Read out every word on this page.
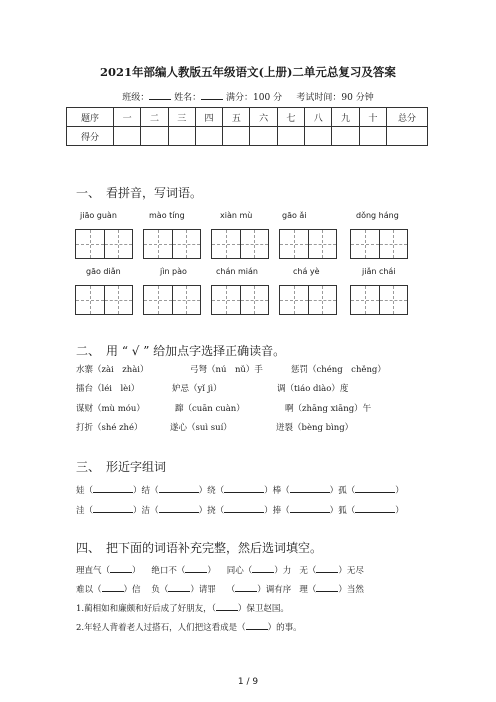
2021年部编人教版五年级语文(上册)二单元总复习及答案
班级：	姓名：	满分：100 分 考试时间：90 分钟
题序	一	二	三	四	五	六	七	八	九	十	总分
得分											
一、　看拼音，写词语。
jiāo guàn	mào tíng	xiàn mù	gāo ǎi	dǒng háng
gāo diǎn	jìn pào	chán mián	chá yè	jiǎn chái
二、　用 “ √ ” 给加点字选择正确读音。
水寨（zài　zhài）	弓弩（nú　nǔ）手	惩罚（chéng　chěng）
擂台（léi　lèi）	妒忌（yǐ jì）	调（tiáo diào）度
谋财（mù móu）	蹿（cuān cuàn）	啊（zhāng xiāng）午
打折（shé zhé）	遂心（suì suí）	迸裂（bèng bìng）
三、　形近字组词
娃（	）结（	）绕（	）棒（	）孤（	）
洼（	）洁（	）挠（	）捧（	）狐（	）
四、　把下面的词语补充完整，然后选词填空。
理直气（	） 绝口不（	） 同心（	）力 无（	）无尽
难以（	）信 负（	）请罪 （	）调有序 理（	）当然
1.蔺相如和廉颇和好后成了好朋友，（	）保卫赵国。
2.年轻人背着老人过搭石，人们把这看成是（	）的事。
1 / 9
